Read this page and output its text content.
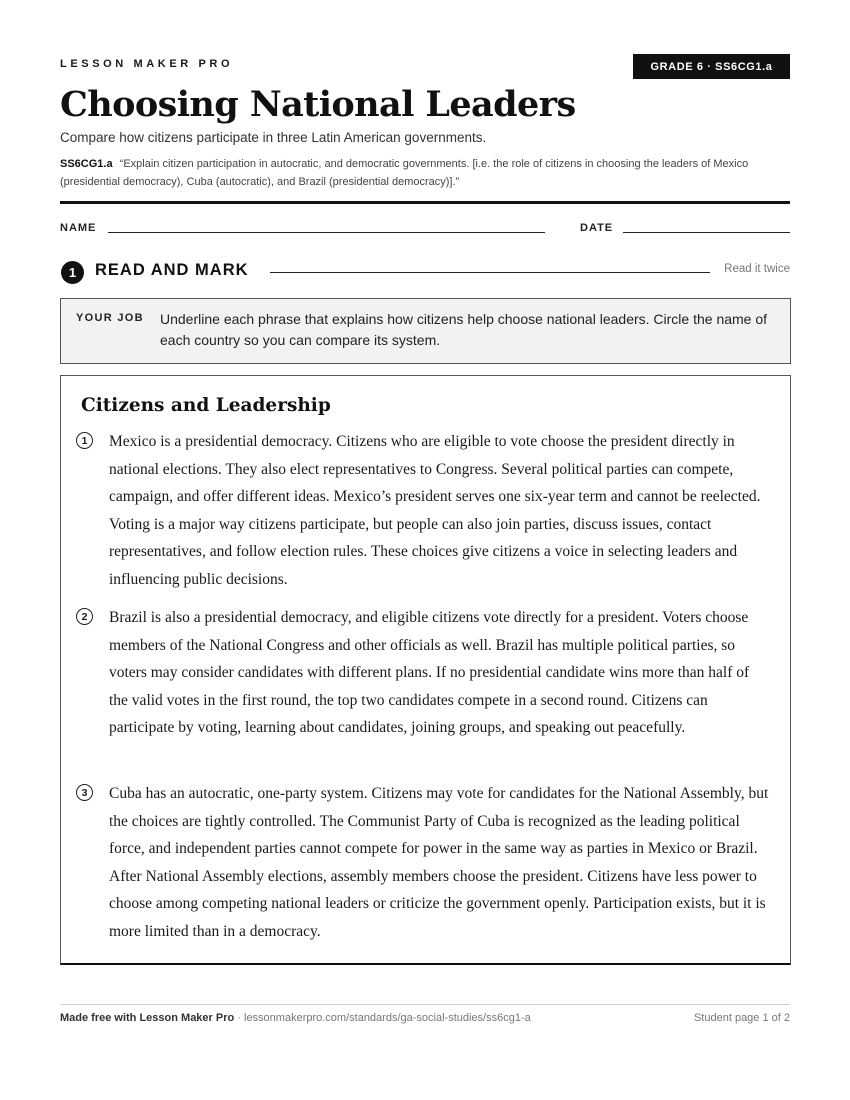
LESSON MAKER PRO	GRADE 6 · SS6CG1.a
Choosing National Leaders
Compare how citizens participate in three Latin American governments.
SS6CG1.a “Explain citizen participation in autocratic, and democratic governments. [i.e. the role of citizens in choosing the leaders of Mexico (presidential democracy), Cuba (autocratic), and Brazil (presidential democracy)].”
NAME	DATE
1	READ AND MARK	Read it twice
YOUR JOB Underline each phrase that explains how citizens help choose national leaders. Circle the name of each country so you can compare its system.
Citizens and Leadership
1	Mexico is a presidential democracy. Citizens who are eligible to vote choose the president directly in national elections. They also elect representatives to Congress. Several political parties can compete, campaign, and offer different ideas. Mexico’s president serves one six-year term and cannot be reelected. Voting is a major way citizens participate, but people can also join parties, discuss issues, contact representatives, and follow election rules. These choices give citizens a voice in selecting leaders and influencing public decisions.
2	Brazil is also a presidential democracy, and eligible citizens vote directly for a president. Voters choose members of the National Congress and other officials as well. Brazil has multiple political parties, so voters may consider candidates with different plans. If no presidential candidate wins more than half of the valid votes in the first round, the top two candidates compete in a second round. Citizens can participate by voting, learning about candidates, joining groups, and speaking out peacefully.
3	Cuba has an autocratic, one-party system. Citizens may vote for candidates for the National Assembly, but the choices are tightly controlled. The Communist Party of Cuba is recognized as the leading political force, and independent parties cannot compete for power in the same way as parties in Mexico or Brazil. After National Assembly elections, assembly members choose the president. Citizens have less power to choose among competing national leaders or criticize the government openly. Participation exists, but it is more limited than in a democracy.
Made free with Lesson Maker Pro · lessonmakerpro.com/standards/ga-social-studies/ss6cg1-a	Student page 1 of 2
